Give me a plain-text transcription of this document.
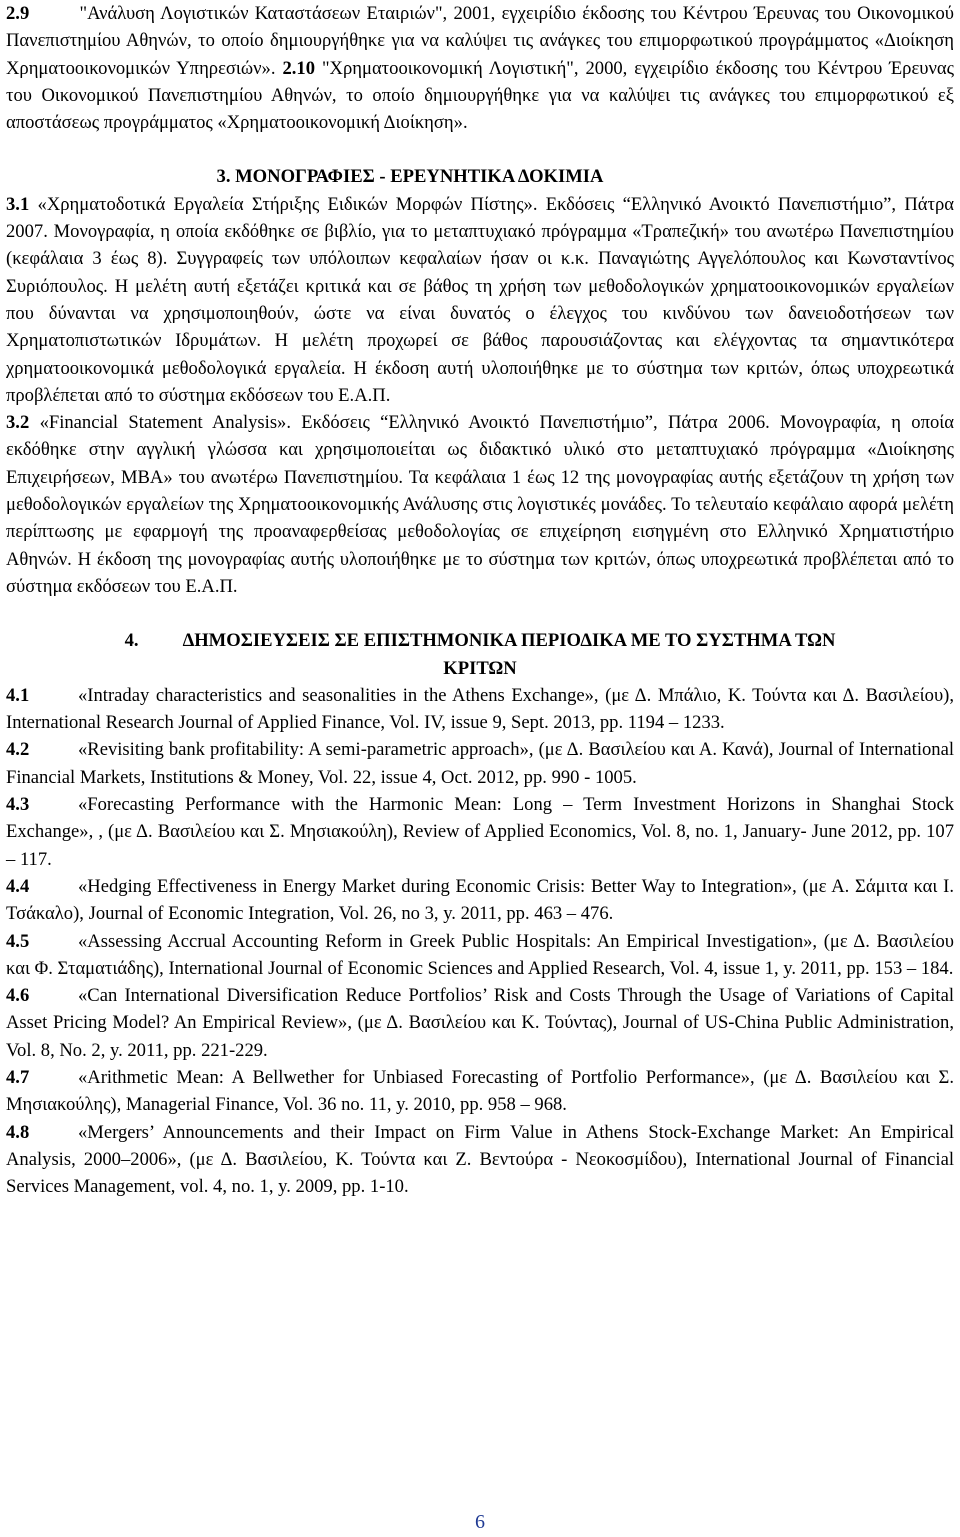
2.9	"Ανάλυση Λογιστικών Καταστάσεων Εταιριών", 2001, εγχειρίδιο έκδοσης του Κέντρου Έρευνας του Οικονομικού Πανεπιστημίου Αθηνών, το οποίο δημιουργήθηκε για να καλύψει τις ανάγκες του επιμορφωτικού προγράμματος «Διοίκηση Χρηματοοικονομικών Υπηρεσιών». 2.10 "Χρηματοοικονομική Λογιστική", 2000, εγχειρίδιο έκδοσης του Κέντρου Έρευνας του Οικονομικού Πανεπιστημίου Αθηνών, το οποίο δημιουργήθηκε για να καλύψει τις ανάγκες του επιμορφωτικού εξ αποστάσεως προγράμματος «Χρηματοοικονομική Διοίκηση».

3. ΜΟΝΟΓΡΑΦΙΕΣ - ΕΡΕΥΝΗΤΙΚΑ ΔΟΚΙΜΙΑ

3.1 «Χρηματοδοτικά Εργαλεία Στήριξης Ειδικών Μορφών Πίστης». Εκδόσεις “Ελληνικό Ανοικτό Πανεπιστήμιο”, Πάτρα 2007. Μονογραφία, η οποία εκδόθηκε σε βιβλίο, για το μεταπτυχιακό πρόγραμμα «Τραπεζική» του ανωτέρω Πανεπιστημίου (κεφάλαια 3 έως 8). Συγγραφείς των υπόλοιπων κεφαλαίων ήσαν οι κ.κ. Παναγιώτης Αγγελόπουλος και Κωνσταντίνος Συριόπουλος. Η μελέτη αυτή εξετάζει κριτικά και σε βάθος τη χρήση των μεθοδολογικών χρηματοοικονομικών εργαλείων που δύνανται να χρησιμοποιηθούν, ώστε να είναι δυνατός ο έλεγχος του κινδύνου των δανειοδοτήσεων των Χρηματοπιστωτικών Ιδρυμάτων. Η μελέτη προχωρεί σε βάθος παρουσιάζοντας και ελέγχοντας τα σημαντικότερα χρηματοοικονομικά μεθοδολογικά εργαλεία. Η έκδοση αυτή υλοποιήθηκε με το σύστημα των κριτών, όπως υποχρεωτικά προβλέπεται από το σύστημα εκδόσεων του Ε.Α.Π.

3.2 «Financial Statement Analysis». Εκδόσεις “Ελληνικό Ανοικτό Πανεπιστήμιο”, Πάτρα 2006. Μονογραφία, η οποία εκδόθηκε στην αγγλική γλώσσα και χρησιμοποιείται ως διδακτικό υλικό στο μεταπτυχιακό πρόγραμμα «Διοίκησης Επιχειρήσεων, ΜΒΑ» του ανωτέρω Πανεπιστημίου. Τα κεφάλαια 1 έως 12 της μονογραφίας αυτής εξετάζουν τη χρήση των μεθοδολογικών εργαλείων της Χρηματοοικονομικής Ανάλυσης στις λογιστικές μονάδες. Το τελευταίο κεφάλαιο αφορά μελέτη περίπτωσης με εφαρμογή της προαναφερθείσας μεθοδολογίας σε επιχείρηση εισηγμένη στο Ελληνικό Χρηματιστήριο Αθηνών. Η έκδοση της μονογραφίας αυτής υλοποιήθηκε με το σύστημα των κριτών, όπως υποχρεωτικά προβλέπεται από το σύστημα εκδόσεων του Ε.Α.Π.

4. ΔΗΜΟΣΙΕΥΣΕΙΣ ΣΕ ΕΠΙΣΤΗΜΟΝΙΚΑ ΠΕΡΙΟΔΙΚΑ ΜΕ ΤΟ ΣΥΣΤΗΜΑ ΤΩΝ
ΚΡΙΤΩΝ

4.1	«Intraday characteristics and seasonalities in the Athens Exchange», (με Δ. Μπάλιο, Κ. Τούντα και Δ. Βασιλείου), International Research Journal of Applied Finance, Vol. IV, issue 9, Sept. 2013, pp. 1194 – 1233.

4.2	«Revisiting bank profitability: A semi-parametric approach», (με Δ. Βασιλείου και Α. Κανά), Journal of International Financial Markets, Institutions & Money, Vol. 22, issue 4, Oct. 2012, pp. 990 - 1005.

4.3	«Forecasting Performance with the Harmonic Mean: Long – Term Investment Horizons in Shanghai Stock Exchange», , (με Δ. Βασιλείου και Σ. Μησιακούλη), Review of Applied Economics, Vol. 8, no. 1, January- June 2012, pp. 107 – 117.

4.4	«Hedging Effectiveness in Energy Market during Economic Crisis: Better Way to Integration», (με Α. Σάμιτα και Ι. Τσάκαλο), Journal of Economic Integration, Vol. 26, no 3, y. 2011, pp. 463 – 476.

4.5	«Assessing Accrual Accounting Reform in Greek Public Hospitals: An Empirical Investigation», (με Δ. Βασιλείου και Φ. Σταματιάδης), International Journal of Economic Sciences and Applied Research, Vol. 4, issue 1, y. 2011, pp. 153 – 184.

4.6	«Can International Diversification Reduce Portfolios’ Risk and Costs Through the Usage of Variations of Capital Asset Pricing Model? An Empirical Review», (με Δ. Βασιλείου και Κ. Τούντας), Journal of US-China Public Administration, Vol. 8, No. 2, y. 2011, pp. 221-229.

4.7	«Arithmetic Mean: A Bellwether for Unbiased Forecasting of Portfolio Performance», (με Δ. Βασιλείου και Σ. Μησιακούλης), Managerial Finance, Vol. 36 no. 11, y. 2010, pp. 958 – 968.

4.8	«Mergers’ Announcements and their Impact on Firm Value in Athens Stock-Exchange Market: An Empirical Analysis, 2000–2006», (με Δ. Βασιλείου, Κ. Τούντα και Ζ. Βεντούρα - Νεοκοσμίδου), International Journal of Financial Services Management, vol. 4, no. 1, y. 2009, pp. 1-10.

6
